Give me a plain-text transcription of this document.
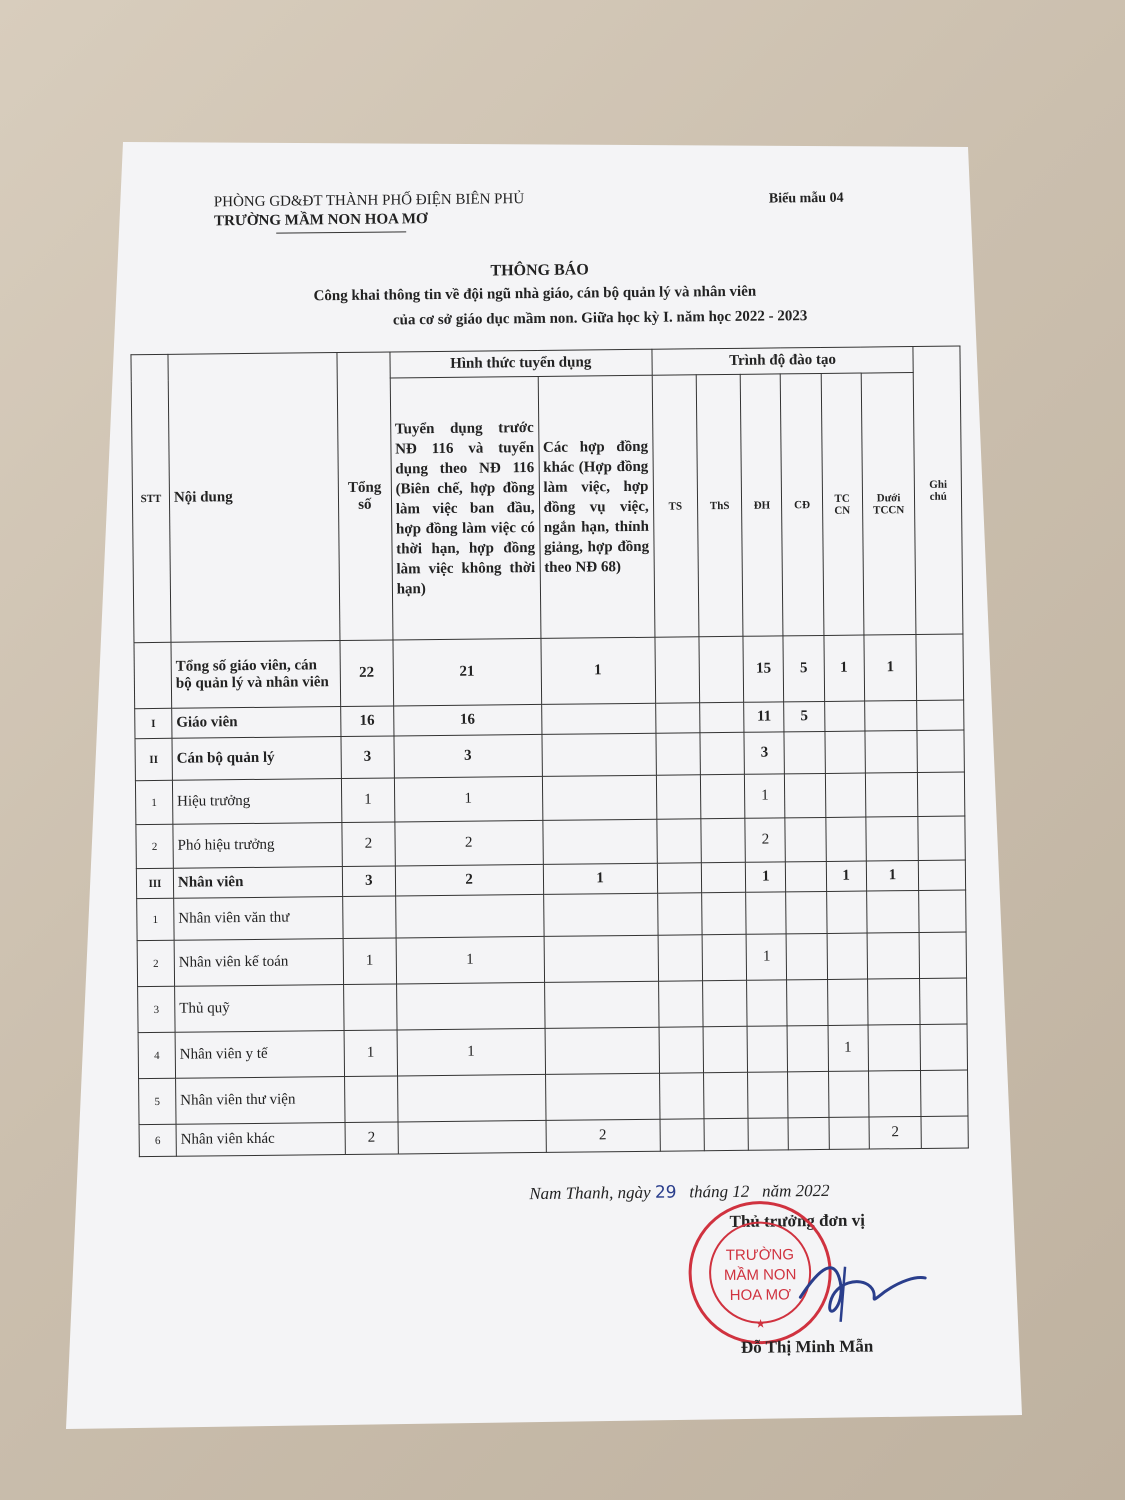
PHÒNG GD&ĐT THÀNH PHỐ ĐIỆN BIÊN PHỦ
TRƯỜNG MẦM NON HOA MƠ
Biểu mẫu 04
THÔNG BÁO
Công khai thông tin về đội ngũ nhà giáo, cán bộ quản lý và nhân viên
của cơ sở giáo dục mầm non. Giữa học kỳ I. năm học 2022 - 2023
STT	Nội dung	Tổng số	Hình thức tuyển dụng		Trình độ đào tạo						Ghi chú
			Tuyển dụng trước NĐ 116 và tuyển dụng theo NĐ 116 (Biên chế, hợp đồng làm việc ban đầu, hợp đồng làm việc có thời hạn, hợp đồng làm việc không thời hạn)	Các hợp đồng khác (Hợp đồng làm việc, hợp đồng vụ việc, ngắn hạn, thỉnh giảng, hợp đồng theo NĐ 68)	TS	ThS	ĐH	CĐ	TC CN	Dưới TCCN	
	Tổng số giáo viên, cán bộ quản lý và nhân viên	22	21	1			15	5	1	1	
I	Giáo viên	16	16				11	5			
II	Cán bộ quản lý	3	3				3				
1	Hiệu trưởng	1	1				1				
2	Phó hiệu trưởng	2	2				2				
III	Nhân viên	3	2	1			1		1	1	
1	Nhân viên văn thư										
2	Nhân viên kế toán	1	1				1				
3	Thủ quỹ										
4	Nhân viên y tế	1	1						1		
5	Nhân viên thư viện										
6	Nhân viên khác	2		2						2	
Nam Thanh, ngày 29 tháng 12 năm 2022
Thủ trưởng đơn vị
TRƯỜNG
MẦM NON
HOA MƠ
★
Đỗ Thị Minh Mẫn
